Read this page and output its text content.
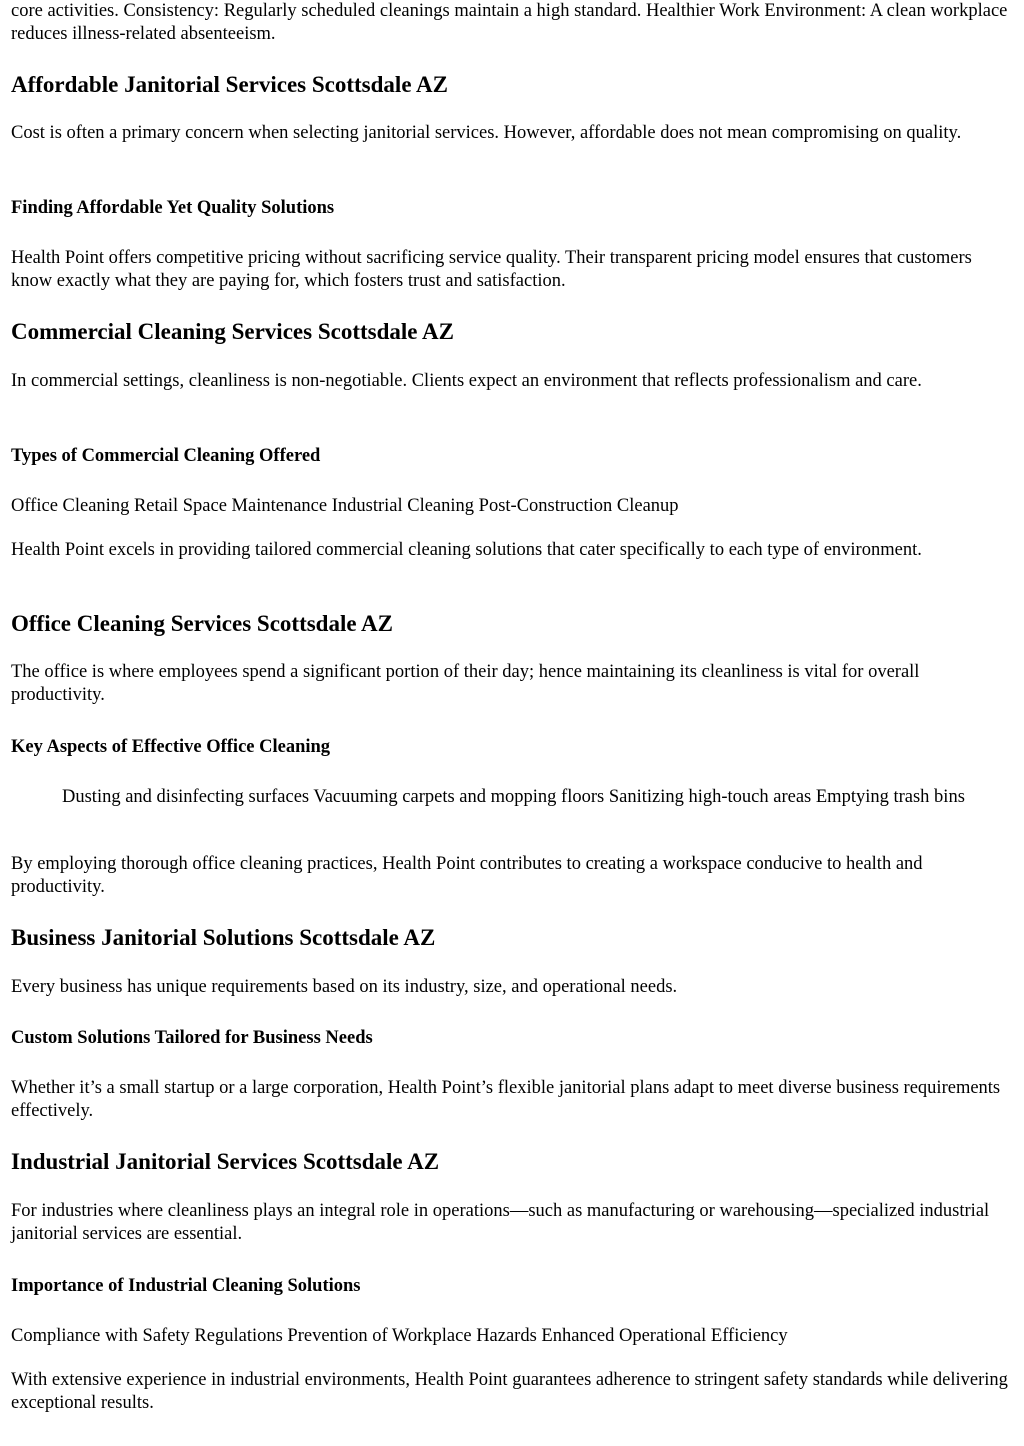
core activities. Consistency: Regularly scheduled cleanings maintain a high standard. Healthier Work Environment: A clean workplace reduces illness-related absenteeism.

Affordable Janitorial Services Scottsdale AZ

Cost is often a primary concern when selecting janitorial services. However, affordable does not mean compromising on quality.

Finding Affordable Yet Quality Solutions

Health Point offers competitive pricing without sacrificing service quality. Their transparent pricing model ensures that customers know exactly what they are paying for, which fosters trust and satisfaction.

Commercial Cleaning Services Scottsdale AZ

In commercial settings, cleanliness is non-negotiable. Clients expect an environment that reflects professionalism and care.

Types of Commercial Cleaning Offered

Office Cleaning Retail Space Maintenance Industrial Cleaning Post-Construction Cleanup

Health Point excels in providing tailored commercial cleaning solutions that cater specifically to each type of environment.

Office Cleaning Services Scottsdale AZ

The office is where employees spend a significant portion of their day; hence maintaining its cleanliness is vital for overall productivity.

Key Aspects of Effective Office Cleaning

Dusting and disinfecting surfaces Vacuuming carpets and mopping floors Sanitizing high-touch areas Emptying trash bins

By employing thorough office cleaning practices, Health Point contributes to creating a workspace conducive to health and productivity.

Business Janitorial Solutions Scottsdale AZ

Every business has unique requirements based on its industry, size, and operational needs.

Custom Solutions Tailored for Business Needs

Whether it’s a small startup or a large corporation, Health Point’s flexible janitorial plans adapt to meet diverse business requirements effectively.

Industrial Janitorial Services Scottsdale AZ

For industries where cleanliness plays an integral role in operations—such as manufacturing or warehousing—specialized industrial janitorial services are essential.

Importance of Industrial Cleaning Solutions

Compliance with Safety Regulations Prevention of Workplace Hazards Enhanced Operational Efficiency

With extensive experience in industrial environments, Health Point guarantees adherence to stringent safety standards while delivering exceptional results.
